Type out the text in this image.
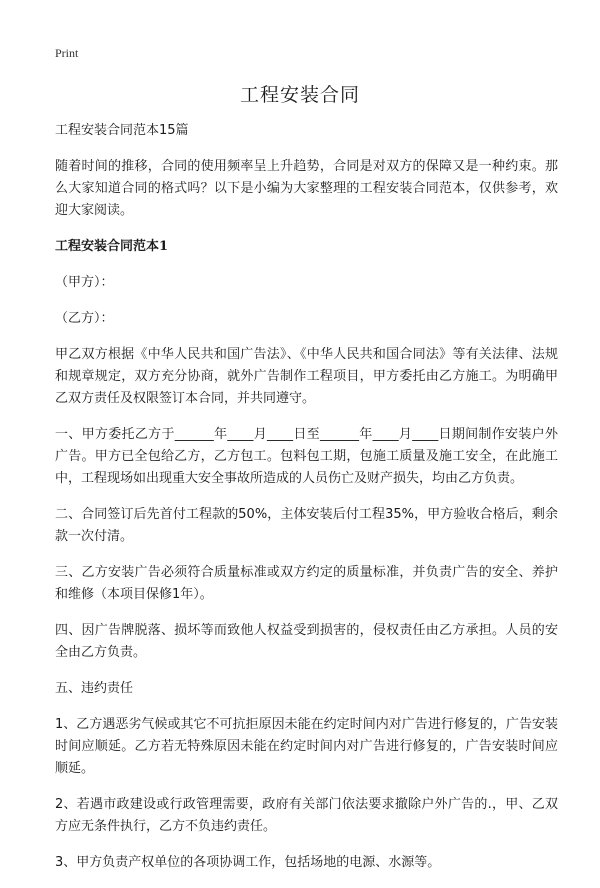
Print
工程安装合同

工程安装合同范本15篇

随着时间的推移，合同的使用频率呈上升趋势，合同是对双方的保障又是一种约束。那么大家知道合同的格式吗？以下是小编为大家整理的工程安装合同范本，仅供参考，欢迎大家阅读。

工程安装合同范本1

（甲方）：

（乙方）：

甲乙双方根据《中华人民共和国广告法》、《中华人民共和国合同法》等有关法律、法规和规章规定，双方充分协商，就外广告制作工程项目，甲方委托由乙方施工。为明确甲乙双方责任及权限签订本合同，并共同遵守。

一、甲方委托乙方于______年____月____日至______年____月____日期间制作安装户外广告。甲方已全包给乙方，乙方包工。包料包工期，包施工质量及施工安全，在此施工中，工程现场如出现重大安全事故所造成的人员伤亡及财产损失，均由乙方负责。

二、合同签订后先首付工程款的50%，主体安装后付工程35%，甲方验收合格后，剩余款一次付清。

三、乙方安装广告必须符合质量标准或双方约定的质量标准，并负责广告的安全、养护和维修（本项目保修1年）。

四、因广告牌脱落、损坏等而致他人权益受到损害的，侵权责任由乙方承担。人员的安全由乙方负责。

五、违约责任

1、乙方遇恶劣气候或其它不可抗拒原因未能在约定时间内对广告进行修复的，广告安装时间应顺延。乙方若无特殊原因未能在约定时间内对广告进行修复的，广告安装时间应顺延。

2、若遇市政建设或行政管理需要，政府有关部门依法要求撤除户外广告的.，甲、乙双方应无条件执行，乙方不负违约责任。

3、甲方负责产权单位的各项协调工作，包括场地的电源、水源等。
